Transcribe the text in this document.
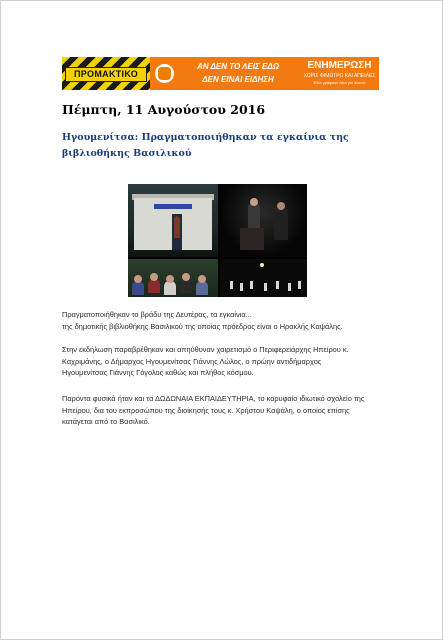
ΠΡΟΜΑΚΤΙΚΟ
ΑΝ ΔΕΝ ΤΟ ΛΕΙΣ ΕΔΩ
ΔΕΝ ΕΙΝΑΙ ΕΙΔΗΣΗ
ΕΝΗΜΕΡΩΣΗ
ΧΩΡΙΣ ΦΙΜΩΤΡΟ ΚΑΙ ΑΠΕΙΛΕΣ
Εδώ γράφουν όλοι για όλους!
Πέμπτη, 11 Αυγούστου 2016
Ηγουμενίτσα: Πραγματοποιήθηκαν τα εγκαίνια της βιβλιοθήκης Βασιλικού
Πραγματοποιήθηκαν το βράδυ της Δευτέρας, τα εγκαίνια...
της δημοτικής βιβλιοθήκης Βασιλικού της οποίας πρόεδρος είναι ο Ηρακλής Καψάλης.
Στην εκδήλωση παραβρέθηκαν και απηύθυναν χαιρετισμό ο Περιφερειάρχης Ηπείρου κ.
Καχριμάνης, ο Δήμαρχος Ηγουμενίτσας Γιάννης Λώλος, ο πρώην αντιδήμαρχος
Ηγουμενίτσας Γιάννης Γόγολος καθώς και πλήθος κόσμου.
Παρόντα φυσικά ήταν και τα ΔΩΔΩΝΑΙΑ ΕΚΠΑΙΔΕΥΤΗΡΙΑ, το κορυφαίο ιδιωτικό σχολείο της
Ηπείρου, δια του εκπροσώπου της διοίκησής τους κ. Χρήστου Καψάλη, ο οποίος επίσης
κατάγεται από το Βασιλικό.
